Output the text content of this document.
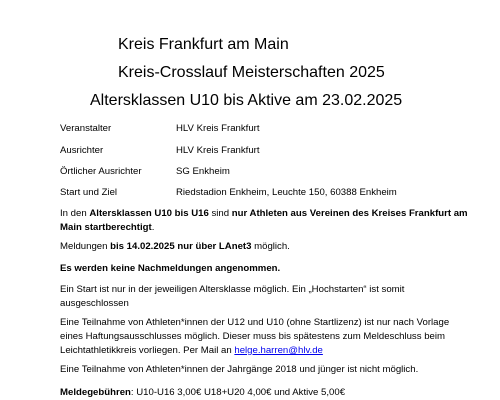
Kreis Frankfurt am Main
Kreis-Crosslauf Meisterschaften 2025
Altersklassen U10 bis Aktive am 23.02.2025
Veranstalter	HLV Kreis Frankfurt
Ausrichter	HLV Kreis Frankfurt
Örtlicher Ausrichter	SG Enkheim
Start und Ziel	Riedstadion Enkheim, Leuchte 150, 60388 Enkheim
In den Altersklassen U10 bis U16 sind nur Athleten aus Vereinen des Kreises Frankfurt am Main startberechtigt.
Meldungen bis 14.02.2025 nur über LAnet3 möglich.
Es werden keine Nachmeldungen angenommen.
Ein Start ist nur in der jeweiligen Altersklasse möglich. Ein „Hochstarten“ ist somit ausgeschlossen
Eine Teilnahme von Athleten*innen der U12 und U10 (ohne Startlizenz) ist nur nach Vorlage eines Haftungsausschlusses möglich. Dieser muss bis spätestens zum Meldeschluss beim Leichtathletikkreis vorliegen. Per Mail an helge.harren@hlv.de
Eine Teilnahme von Athleten*innen der Jahrgänge 2018 und jünger ist nicht möglich.
Meldegebühren: U10-U16 3,00€ U18+U20 4,00€ und Aktive 5,00€
